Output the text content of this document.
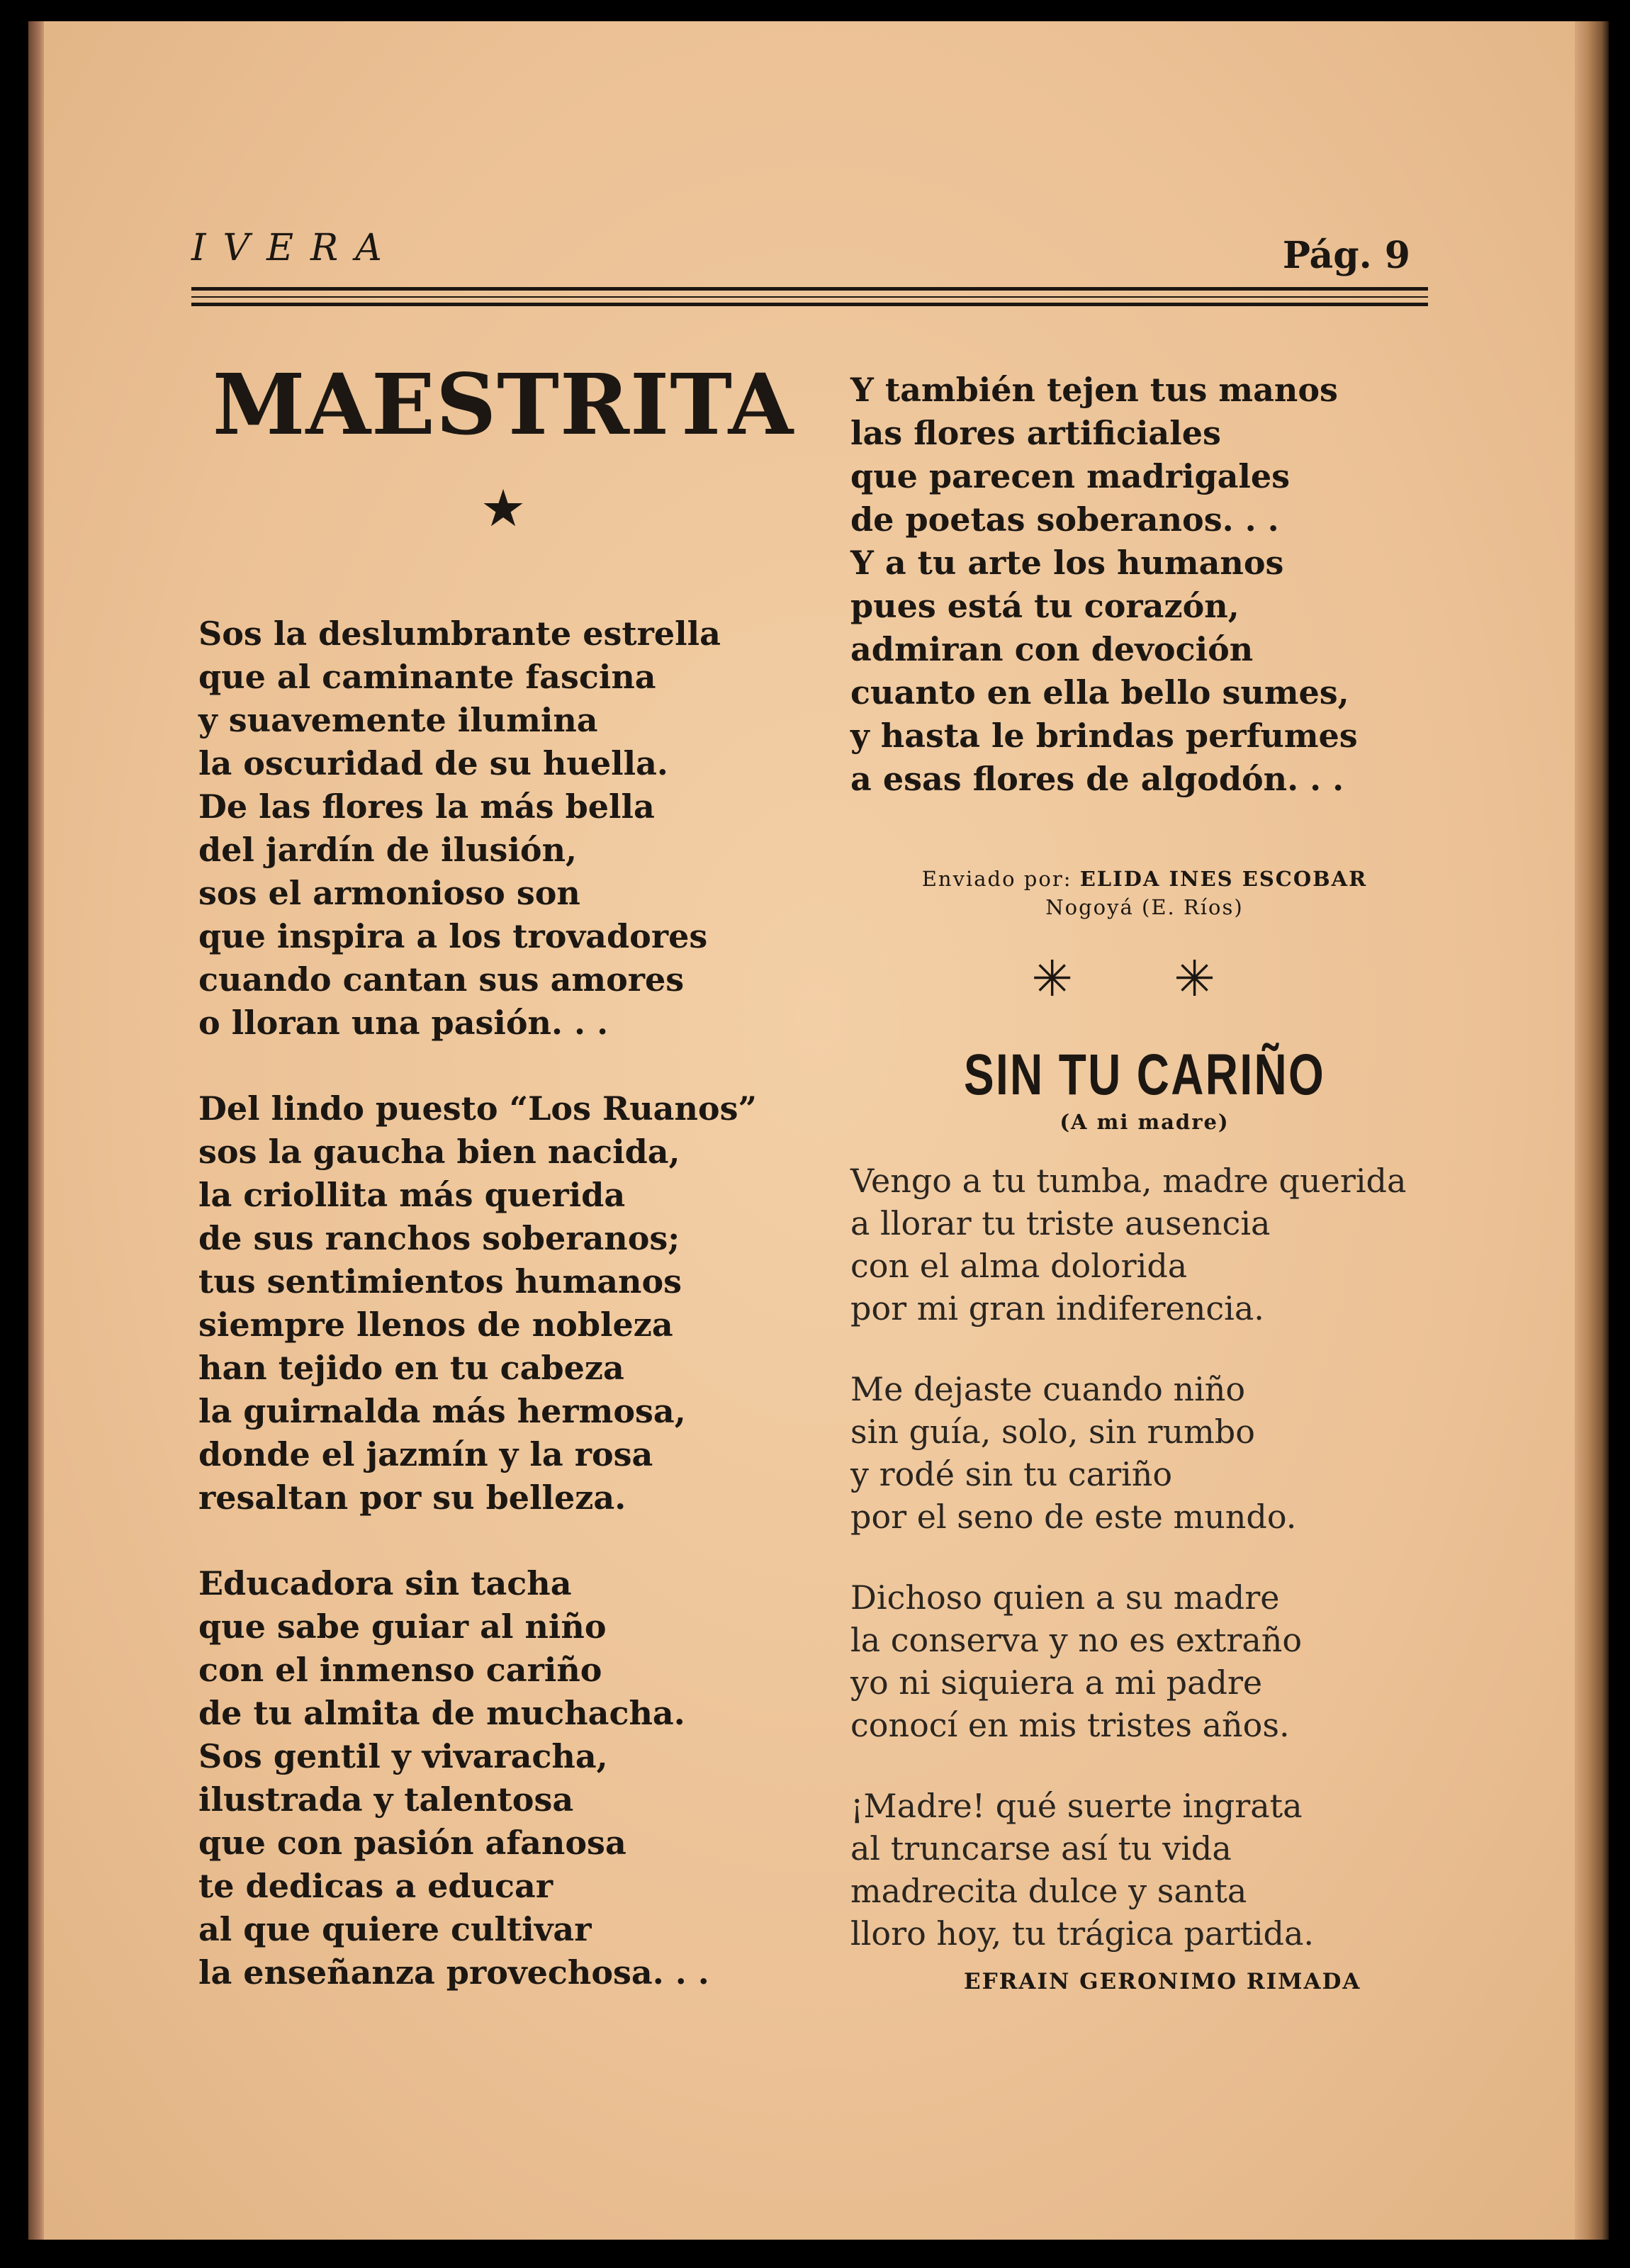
IVERA	Pág. 9
MAESTRITA
★
Sos la deslumbrante estrella
que al caminante fascina
y suavemente ilumina
la oscuridad de su huella.
De las flores la más bella
del jardín de ilusión,
sos el armonioso son
que inspira a los trovadores
cuando cantan sus amores
o lloran una pasión. . .
Del lindo puesto “Los Ruanos”
sos la gaucha bien nacida,
la criollita más querida
de sus ranchos soberanos;
tus sentimientos humanos
siempre llenos de nobleza
han tejido en tu cabeza
la guirnalda más hermosa,
donde el jazmín y la rosa
resaltan por su belleza.
Educadora sin tacha
que sabe guiar al niño
con el inmenso cariño
de tu almita de muchacha.
Sos gentil y vivaracha,
ilustrada y talentosa
que con pasión afanosa
te dedicas a educar
al que quiere cultivar
la enseñanza provechosa. . .
Y también tejen tus manos
las flores artificiales
que parecen madrigales
de poetas soberanos. . .
Y a tu arte los humanos
pues está tu corazón,
admiran con devoción
cuanto en ella bello sumes,
y hasta le brindas perfumes
a esas flores de algodón. . .
Enviado por: ELIDA INES ESCOBAR
Nogoyá (E. Ríos)
✳ ✳
SIN TU CARIÑO
(A mi madre)
Vengo a tu tumba, madre querida
a llorar tu triste ausencia
con el alma dolorida
por mi gran indiferencia.
Me dejaste cuando niño
sin guía, solo, sin rumbo
y rodé sin tu cariño
por el seno de este mundo.
Dichoso quien a su madre
la conserva y no es extraño
yo ni siquiera a mi padre
conocí en mis tristes años.
¡Madre! qué suerte ingrata
al truncarse así tu vida
madrecita dulce y santa
lloro hoy, tu trágica partida.
EFRAIN GERONIMO RIMADA
